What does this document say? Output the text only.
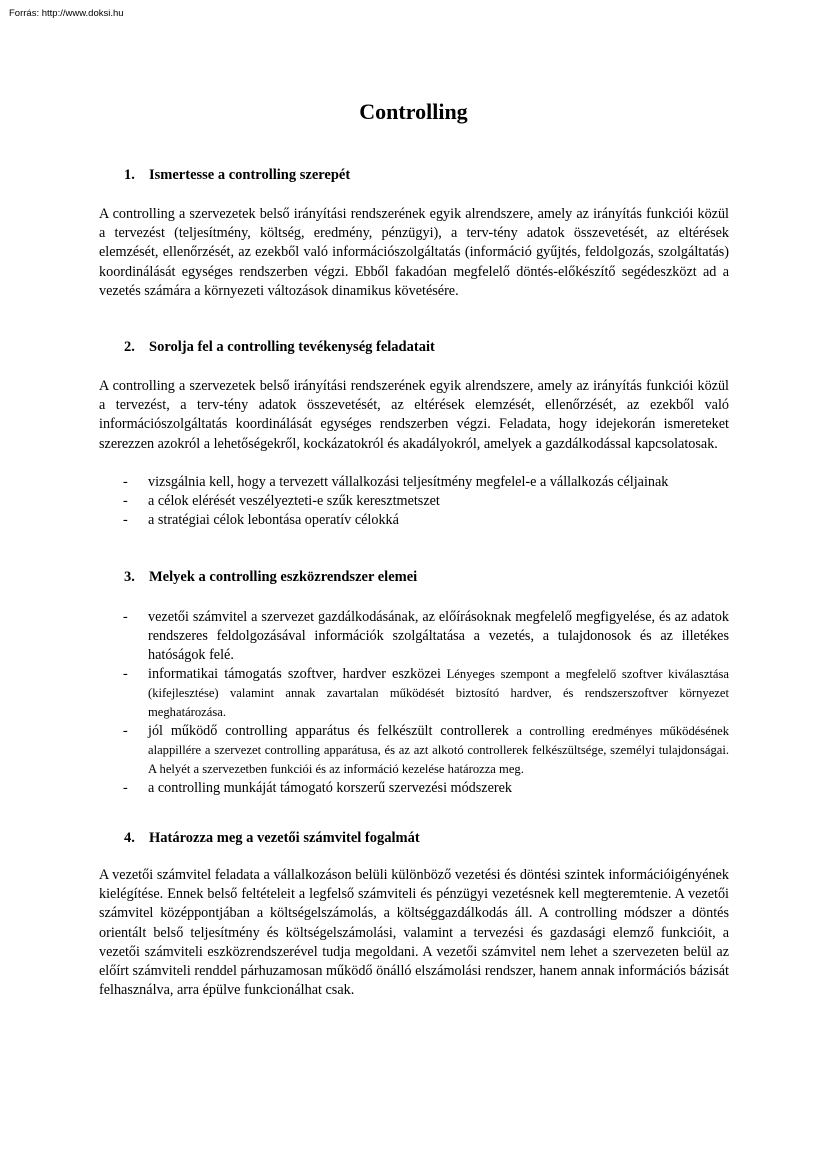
Forrás: http://www.doksi.hu
Controlling
1. Ismertesse a controlling szerepét

A controlling a szervezetek belső irányítási rendszerének egyik alrendszere, amely az irányítás funkciói közül a tervezést (teljesítmény, költség, eredmény, pénzügyi), a terv-tény adatok összevetését, az eltérések elemzését, ellenőrzését, az ezekből való információszolgáltatás (információ gyűjtés, feldolgozás, szolgáltatás) koordinálását egységes rendszerben végzi. Ebből fakadóan megfelelő döntés-előkészítő segédeszközt ad a vezetés számára a környezeti változások dinamikus követésére.

2. Sorolja fel a controlling tevékenység feladatait

A controlling a szervezetek belső irányítási rendszerének egyik alrendszere, amely az irányítás funkciói közül a tervezést, a terv-tény adatok összevetését, az eltérések elemzését, ellenőrzését, az ezekből való információszolgáltatás koordinálását egységes rendszerben végzi. Feladata, hogy idejekorán ismereteket szerezzen azokról a lehetőségekről, kockázatokról és akadályokról, amelyek a gazdálkodással kapcsolatosak.

- vizsgálnia kell, hogy a tervezett vállalkozási teljesítmény megfelel-e a vállalkozás céljainak
- a célok elérését veszélyezteti-e szűk keresztmetszet
- a stratégiai célok lebontása operatív célokká
3. Melyek a controlling eszközrendszer elemei
- vezetői számvitel a szervezet gazdálkodásának, az előírásoknak megfelelő megfigyelése, és az adatok rendszeres feldolgozásával információk szolgáltatása a vezetés, a tulajdonosok és az illetékes hatóságok felé.
- informatikai támogatás szoftver, hardver eszközei Lényeges szempont a megfelelő szoftver kiválasztása (kifejlesztése) valamint annak zavartalan működését biztosító hardver, és rendszerszoftver környezet meghatározása.
- jól működő controlling apparátus és felkészült controllerek a controlling eredményes működésének alappillére a szervezet controlling apparátusa, és az azt alkotó controllerek felkészültsége, személyi tulajdonságai. A helyét a szervezetben funkciói és az információ kezelése határozza meg.
- a controlling munkáját támogató korszerű szervezési módszerek
4. Határozza meg a vezetői számvitel fogalmát

A vezetői számvitel feladata a vállalkozáson belüli különböző vezetési és döntési szintek információigényének kielégítése. Ennek belső feltételeit a legfelső számviteli és pénzügyi vezetésnek kell megteremtenie. A vezetői számvitel középpontjában a költségelszámolás, a költséggazdálkodás áll. A controlling módszer a döntés orientált belső teljesítmény és költségelszámolási, valamint a tervezési és gazdasági elemző funkcióit, a vezetői számviteli eszközrendszerével tudja megoldani. A vezetői számvitel nem lehet a szervezeten belül az előírt számviteli renddel párhuzamosan működő önálló elszámolási rendszer, hanem annak információs bázisát felhasználva, arra épülve funkcionálhat csak.
